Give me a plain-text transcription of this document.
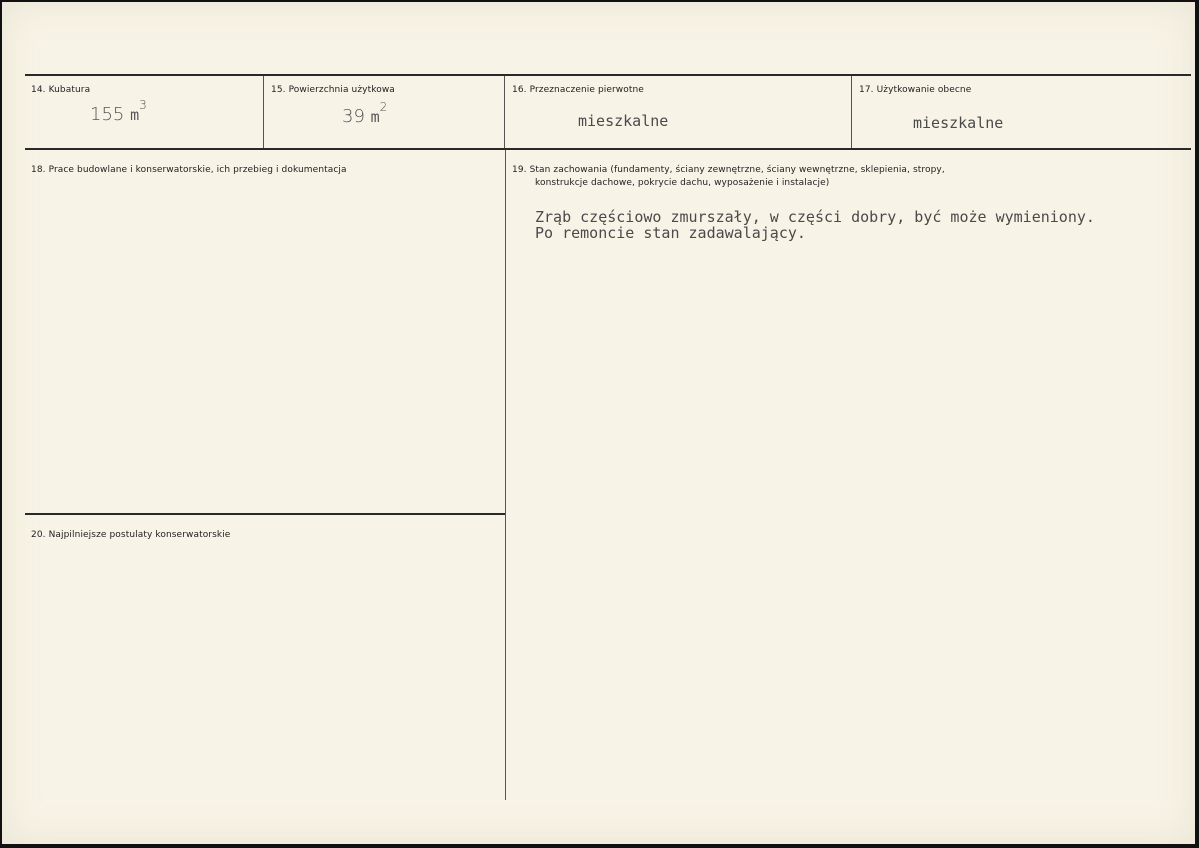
14. Kubatura
155 $m^3$
15. Powierzchnia użytkowa
39 $m^2$
16. Przeznaczenie pierwotne
mieszkalne
17. Użytkowanie obecne
mieszkalne
18. Prace budowlane i konserwatorskie, ich przebieg i dokumentacja	19. Stan zachowania (fundamenty, ściany zewnętrzne, ściany wewnętrzne, sklepienia, stropy,
konstrukcje dachowe, pokrycie dachu, wyposażenie i instalacje)
Zrąb częściowo zmurszały, w części dobry, być może wymieniony.
Po remoncie stan zadawalający.
20. Najpilniejsze postulaty konserwatorskie
